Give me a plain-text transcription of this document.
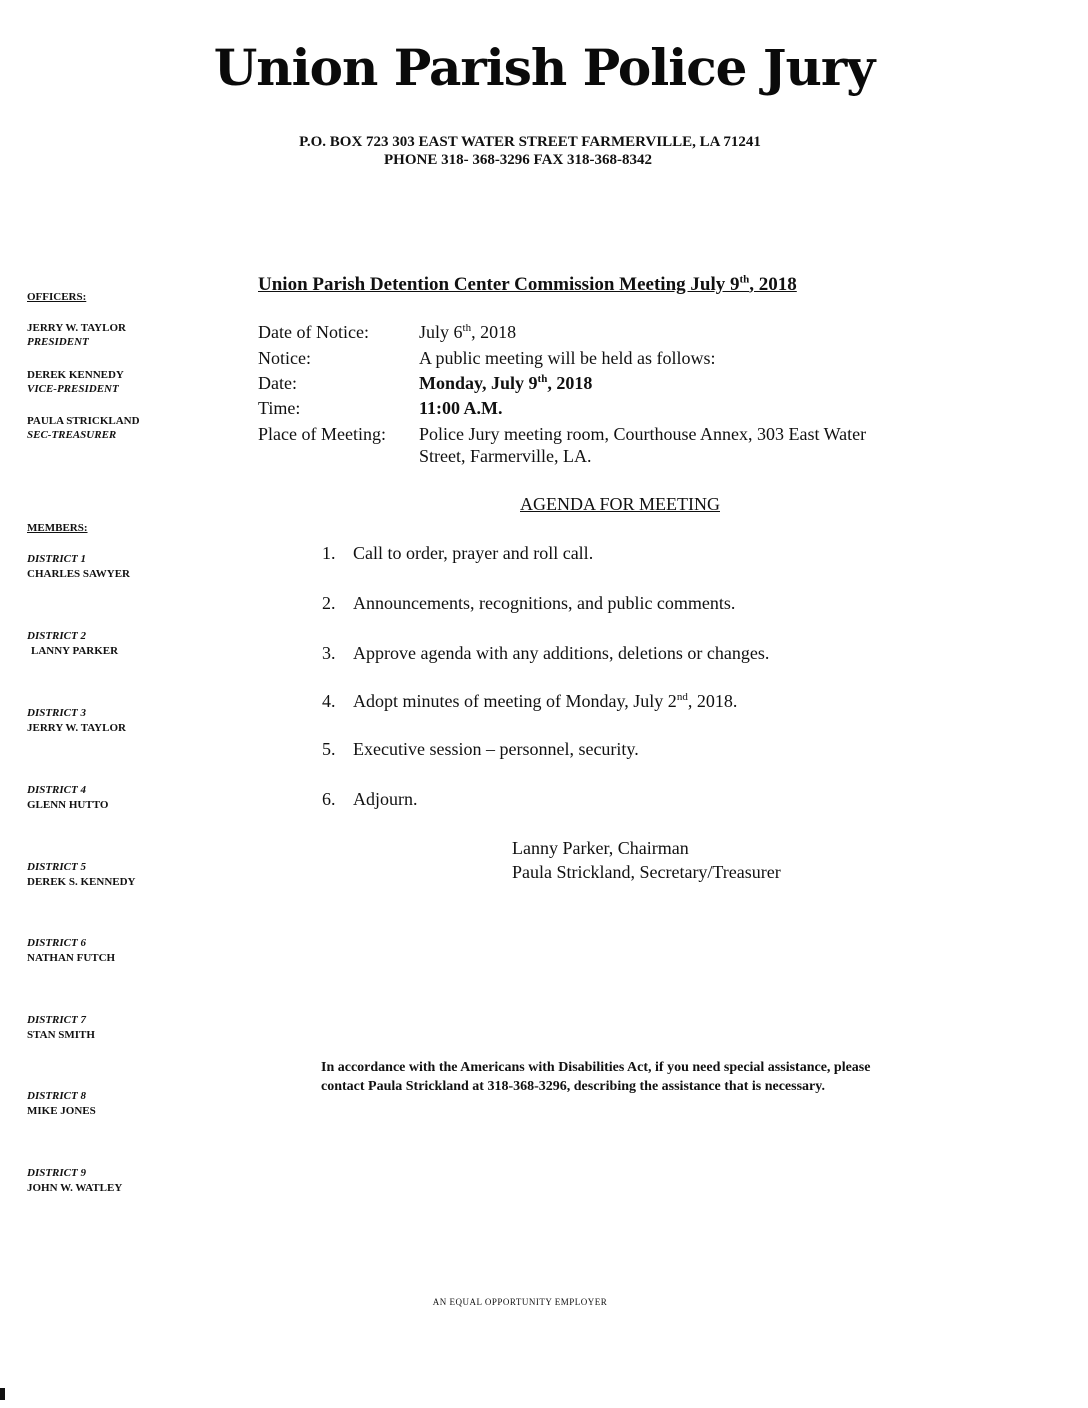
Union Parish Police Jury
P.O. BOX 723 303 EAST WATER STREET FARMERVILLE, LA 71241
PHONE 318- 368-3296 FAX 318-368-8342
OFFICERS:
JERRY W. TAYLOR
PRESIDENT
DEREK KENNEDY
VICE-PRESIDENT
PAULA STRICKLAND
SEC-TREASURER
MEMBERS:
DISTRICT 1
CHARLES SAWYER
DISTRICT 2
LANNY PARKER
DISTRICT 3
JERRY W. TAYLOR
DISTRICT 4
GLENN HUTTO
DISTRICT 5
DEREK S. KENNEDY
DISTRICT 6
NATHAN FUTCH
DISTRICT 7
STAN SMITH
DISTRICT 8
MIKE JONES
DISTRICT 9
JOHN W. WATLEY
Union Parish Detention Center Commission Meeting July 9th, 2018
Date of Notice:	July 6th, 2018
Notice:	A public meeting will be held as follows:
Date:	Monday, July 9th, 2018
Time:	11:00 A.M.
Place of Meeting: Police Jury meeting room, Courthouse Annex, 303 East Water
Street, Farmerville, LA.
AGENDA FOR MEETING
1. Call to order, prayer and roll call.
2. Announcements, recognitions, and public comments.
3. Approve agenda with any additions, deletions or changes.
4. Adopt minutes of meeting of Monday, July 2nd, 2018.
5. Executive session – personnel, security.
6. Adjourn.
Lanny Parker, Chairman
Paula Strickland, Secretary/Treasurer
In accordance with the Americans with Disabilities Act, if you need special assistance, please contact Paula Strickland at 318-368-3296, describing the assistance that is necessary.
AN EQUAL OPPORTUNITY EMPLOYER
